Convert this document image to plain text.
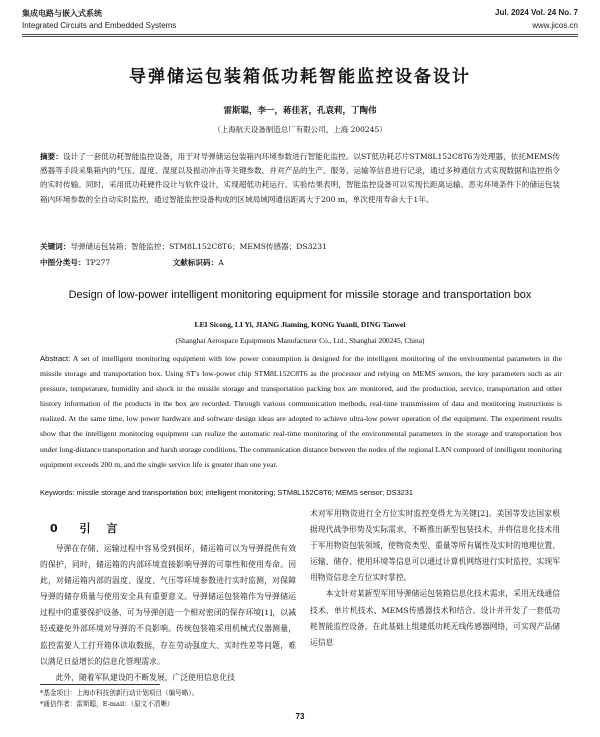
集成电路与嵌入式系统	Jul. 2024 Vol. 24 No. 7
Integrated Circuits and Embedded Systems	www.jicos.cn
导弹储运包装箱低功耗智能监控设备设计
雷斯聪，李一，蒋佳茗，孔袁莉，丁陶伟
（上海航天设备制造总厂有限公司，上海 200245）
摘要：设计了一套低功耗智能监控设备，用于对导弹储运包装箱内环境参数进行智能化监控。以ST低功耗芯片STM8L152C8T6为处理器，依托MEMS传感器等手段采集箱内的气压、温度、湿度以及振动冲击等关键参数，并对产品的生产、服务、运输等信息进行记录，通过多种通信方式实现数据和监控指令的实时传输。同时，采用低功耗硬件设计与软件设计，实现超低功耗运行。实验结果表明，智能监控设备可以实现长距离运输、恶劣环境条件下的储运包装箱内环境参数的全自动实时监控，通过智能监控设备构成的区域局域网通信距离大于200 m，单次使用寿命大于1年。
关键词：导弹储运包装箱；智能监控；STM8L152C8T6；MEMS传感器；DS3231
中图分类号：TP277	文献标识码：A
Design of low-power intelligent monitoring equipment for missile storage and transportation box
LEI Sicong, LI Yi, JIANG Jiaming, KONG Yuanli, DING Taowei
(Shanghai Aerospace Equipments Manufacturer Co., Ltd., Shanghai 200245, China)
Abstract: A set of intelligent monitoring equipment with low power consumption is designed for the intelligent monitoring of the environmental parameters in the missile storage and transportation box. Using ST's low-power chip STM8L152C8T6 as the processor and relying on MEMS sensors, the key parameters such as air pressure, temperature, humidity and shock in the missile storage and transportation packing box are monitored, and the production, service, transportation and other history information of the products in the box are recorded. Through various communication methods, real-time transmission of data and monitoring instructions is realized. At the same time, low power hardware and software design ideas are adopted to achieve ultra-low power operation of the equipment. The experiment results show that the intelligent monitoring equipment can realize the automatic real-time monitoring of the environmental parameters in the storage and transportation box under long-distance transportation and harsh storage conditions. The communication distance between the nodes of the regional LAN composed of intelligent monitoring equipment exceeds 200 m, and the single service life is greater than one year.
Keywords: missile storage and transportation box; intelligent monitoring; STM8L152C8T6; MEMS sensor; DS3231
0 引 言
导弹在存储、运输过程中容易受到损坏，储运箱可以为导弹提供有效的保护，同时，储运箱的内部环境直接影响导弹的可靠性和使用寿命。因此，对储运箱内部的温度、湿度、气压等环境参数进行实时监测，对保障导弹的储存质量与使用安全具有重要意义。导弹储运包装箱作为导弹储运过程中的重要保护设备，可为导弹创造一个相对密闭的保存环境[1]，以减轻或避免外部环境对导弹的不良影响。传统包装箱采用机械式仪器测量，监控需要人工打开箱体读取数据，存在劳动强度大、实时性差等问题，难以满足日益增长的信息化管理需求。
此外，随着军队建设的不断发展，广泛使用信息化技
*基金项目：上海市科技创新行动计划项目（编号略）。
*通信作者：雷斯聪，E-mail：（原文不清晰）
术对军用物资进行全方位实时监控变得尤为关键[2]。美国等发达国家根据现代战争形势及实际需求，不断推出新型包装技术，并将信息化技术用于军用物资包装领域，使物资类型、重量等所有属性及实时的地理位置、运输、储存、使用环境等信息可以通过计算机网络进行实时监控，实现军用物资信息全方位实时掌控。
本文针对某新型军用导弹储运包装箱信息化技术需求，采用无线通信技术、单片机技术、MEMS传感器技术和结合、设计并开发了一套低功耗智能监控设备，在此基础上组建低功耗无线传感器网络，可实现产品储运信息
73
